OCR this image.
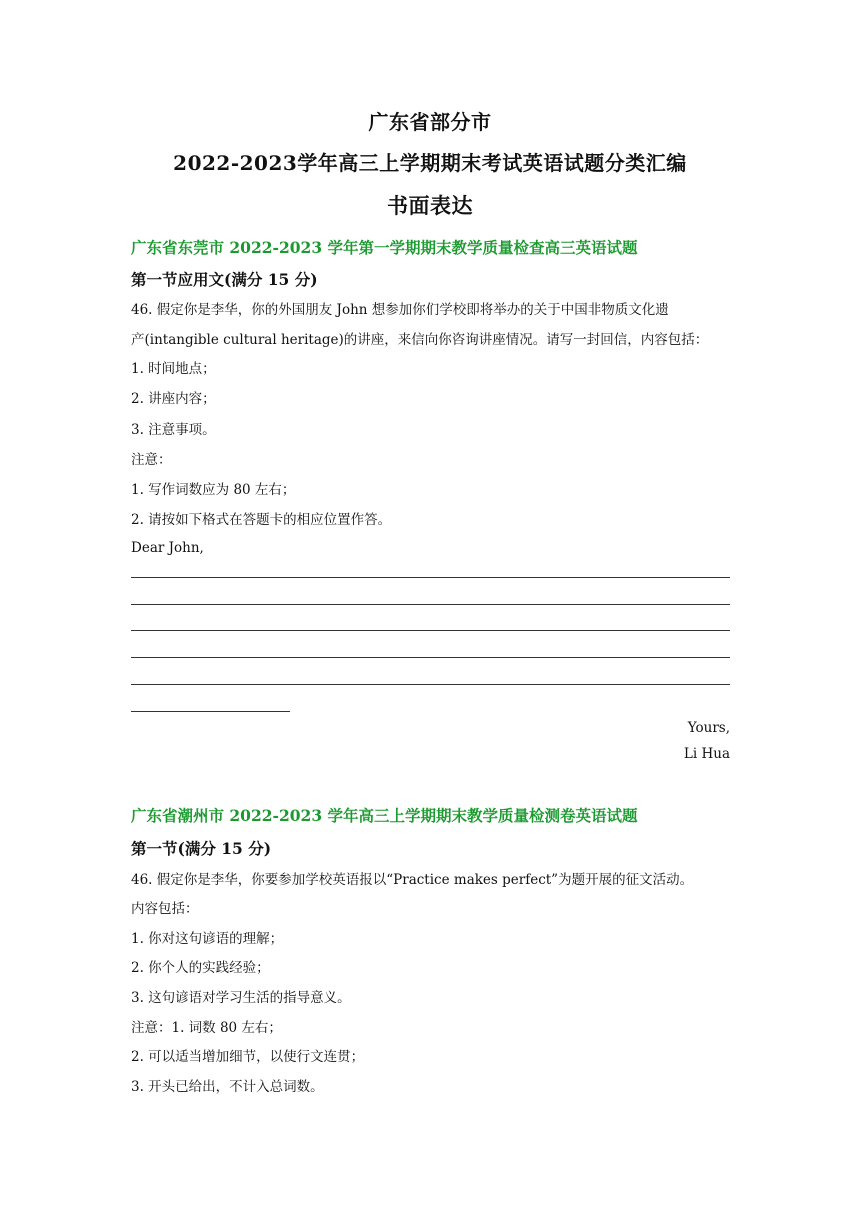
广东省部分市
2022-2023学年高三上学期期末考试英语试题分类汇编
书面表达
广东省东莞市 2022-2023 学年第一学期期末教学质量检查高三英语试题
第一节应用文(满分 15 分)
46. 假定你是李华，你的外国朋友 John 想参加你们学校即将举办的关于中国非物质文化遗
产(intangible cultural heritage)的讲座，来信向你咨询讲座情况。请写一封回信，内容包括：
1. 时间地点；
2. 讲座内容；
3. 注意事项。
注意：
1. 写作词数应为 80 左右；
2. 请按如下格式在答题卡的相应位置作答。
Dear John,
Yours,
Li Hua
广东省潮州市 2022-2023 学年高三上学期期末教学质量检测卷英语试题
第一节(满分 15 分)
46. 假定你是李华，你要参加学校英语报以“Practice makes perfect”为题开展的征文活动。
内容包括：
1. 你对这句谚语的理解；
2. 你个人的实践经验；
3. 这句谚语对学习生活的指导意义。
注意：1. 词数 80 左右；
2. 可以适当增加细节，以使行文连贯；
3. 开头已给出，不计入总词数。
